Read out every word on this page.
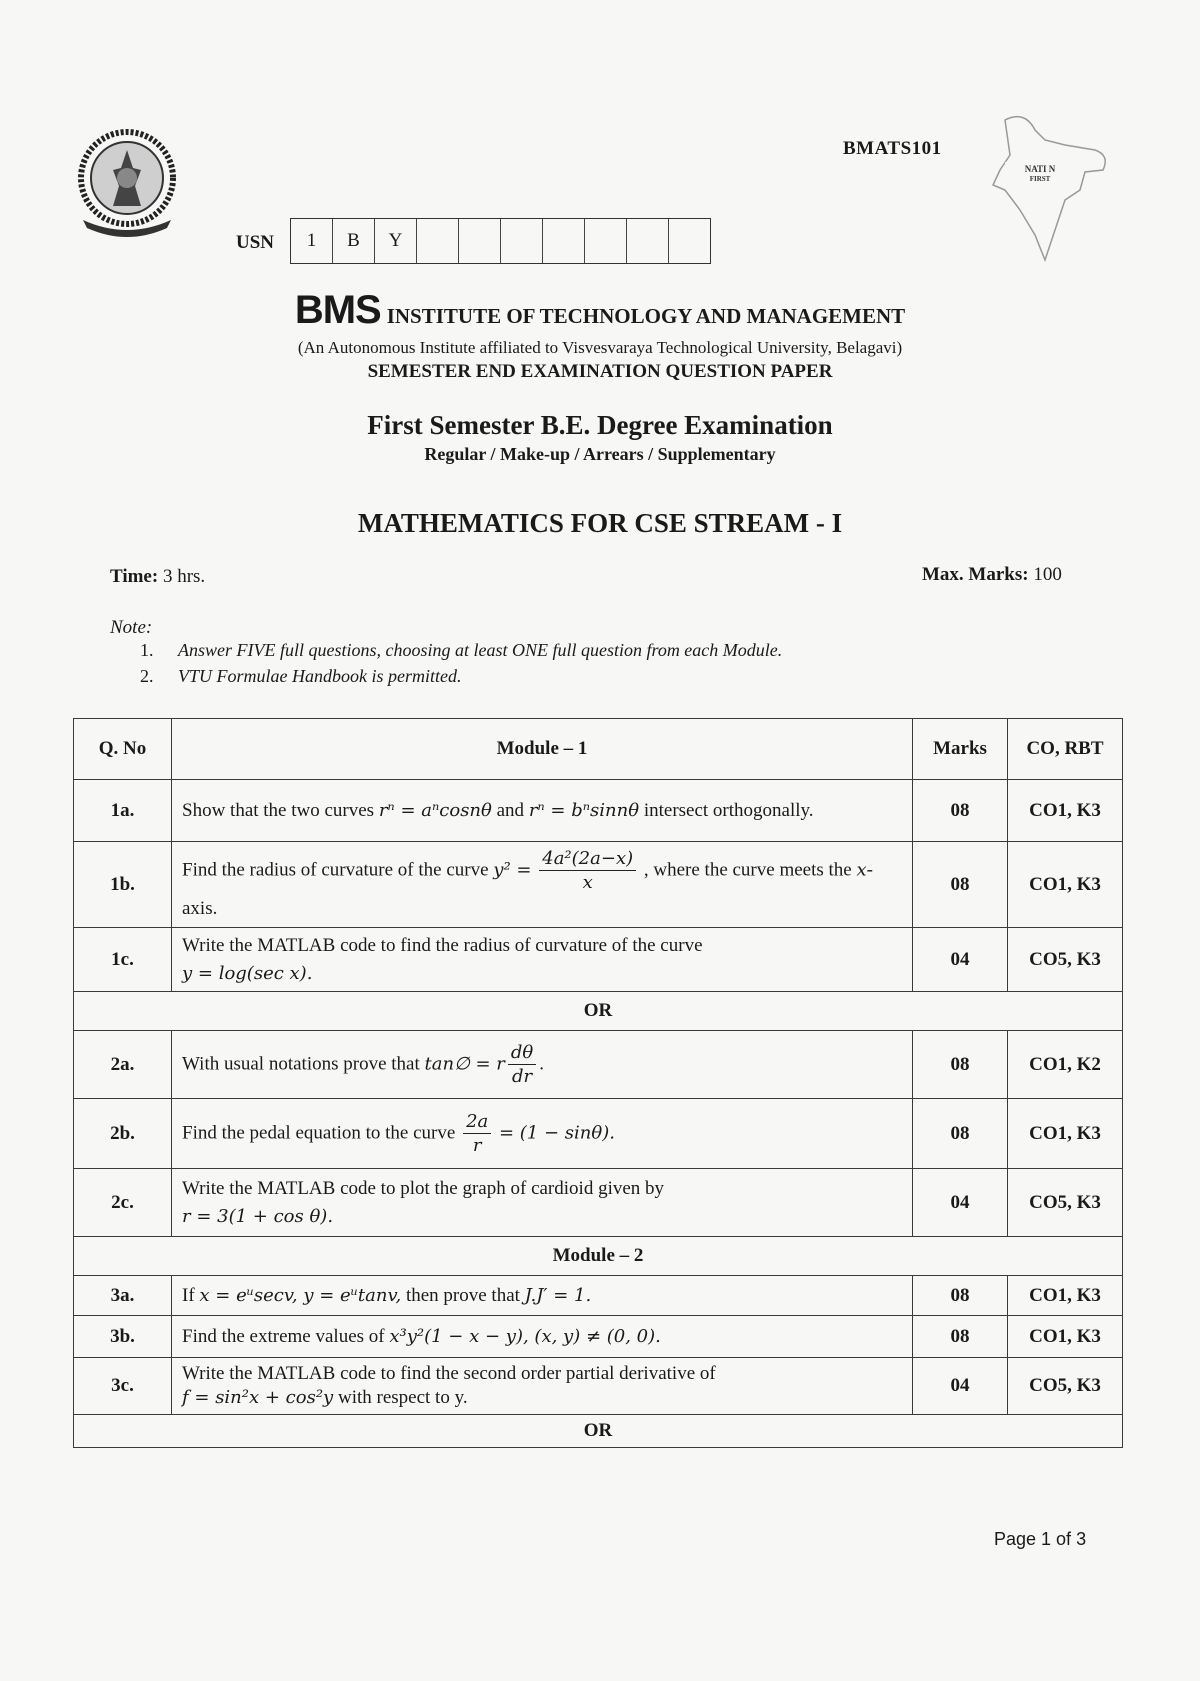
BMATS101
NATI N
FIRST
USN	1	B	Y
BMS INSTITUTE OF TECHNOLOGY AND MANAGEMENT
(An Autonomous Institute affiliated to Visvesvaraya Technological University, Belagavi)
SEMESTER END EXAMINATION QUESTION PAPER
First Semester B.E. Degree Examination
Regular / Make-up / Arrears / Supplementary
MATHEMATICS FOR CSE STREAM - I
Time: 3 hrs.	Max. Marks: 100
Note:
1. Answer FIVE full questions, choosing at least ONE full question from each Module.
2. VTU Formulae Handbook is permitted.
Q. No	Module – 1	Marks	CO, RBT
1a.	Show that the two curves rⁿ = aⁿcosnθ and rⁿ = bⁿsinnθ intersect orthogonally.	08	CO1, K3
1b.	Find the radius of curvature of the curve $y^2 = \frac{\text{4a²(2a−x)}}{x}$ , where the curve meets the x- axis.	08	CO1, K3
1c.	Write the MATLAB code to find the radius of curvature of the curve
y = log(sec x).	04	CO5, K3
OR			
2a.	With usual notations prove that tan∅ = r $\frac{d\theta}{dr}$ .	08	CO1, K2
2b.	Find the pedal equation to the curve $\frac{2a}{r} = (1 - \sin\theta)$.	08	CO1, K3
2c.	Write the MATLAB code to plot the graph of cardioid given by
r = 3(1 + cos θ).	04	CO5, K3
Module – 2			
3a.	If x = eᵘsecv, y = eᵘtanv, then prove that J.J′ = 1.	08	CO1, K3
3b.	Find the extreme values of x³y²(1 − x − y), (x, y) ≠ (0, 0).	08	CO1, K3
3c.	Write the MATLAB code to find the second order partial derivative of
f = sin²x + cos²y with respect to y.	04	CO5, K3
OR			
Page 1 of 3
